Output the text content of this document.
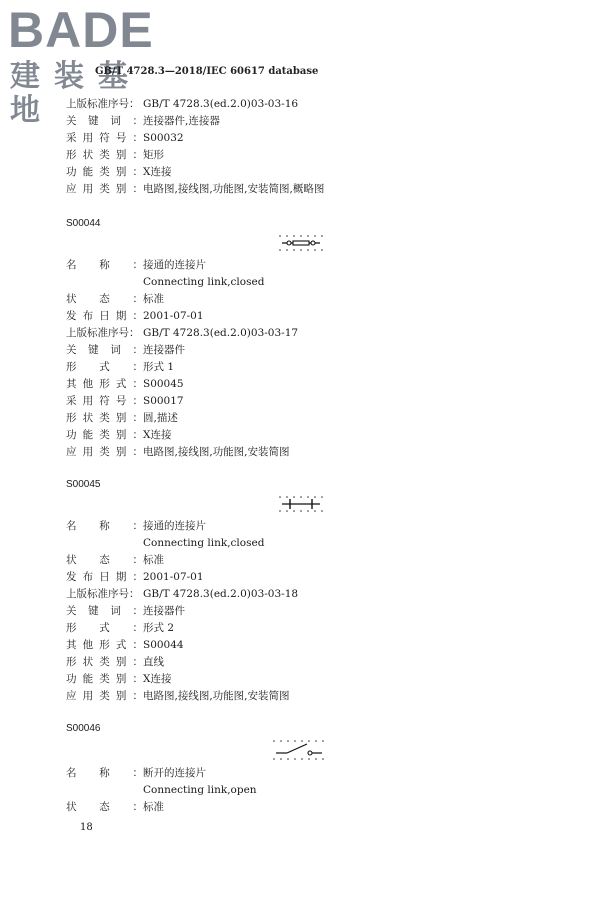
BADE
建装基地
GB/T 4728.3—2018/IEC 60617 database
上版标准序号： GB/T 4728.3(ed.2.0)03-03-16
关 键 词 ： 连接器件,连接器
采 用 符 号 ： S00032
形 状 类 别 ： 矩形
功 能 类 别 ： X连接
应 用 类 别 ： 电路图,接线图,功能图,安装简图,概略图
S00044
名 称 ： 接通的连接片
Connecting link,closed
状 态 ： 标准
发 布 日 期 ： 2001-07-01
上版标准序号： GB/T 4728.3(ed.2.0)03-03-17
关 键 词 ： 连接器件
形 式 ： 形式 1
其 他 形 式 ： S00045
采 用 符 号 ： S00017
形 状 类 别 ： 圆,描述
功 能 类 别 ： X连接
应 用 类 别 ： 电路图,接线图,功能图,安装简图
S00045
名 称 ： 接通的连接片
Connecting link,closed
状 态 ： 标准
发 布 日 期 ： 2001-07-01
上版标准序号： GB/T 4728.3(ed.2.0)03-03-18
关 键 词 ： 连接器件
形 式 ： 形式 2
其 他 形 式 ： S00044
形 状 类 别 ： 直线
功 能 类 别 ： X连接
应 用 类 别 ： 电路图,接线图,功能图,安装简图
S00046
名 称 ： 断开的连接片
Connecting link,open
状 态 ： 标准
18
